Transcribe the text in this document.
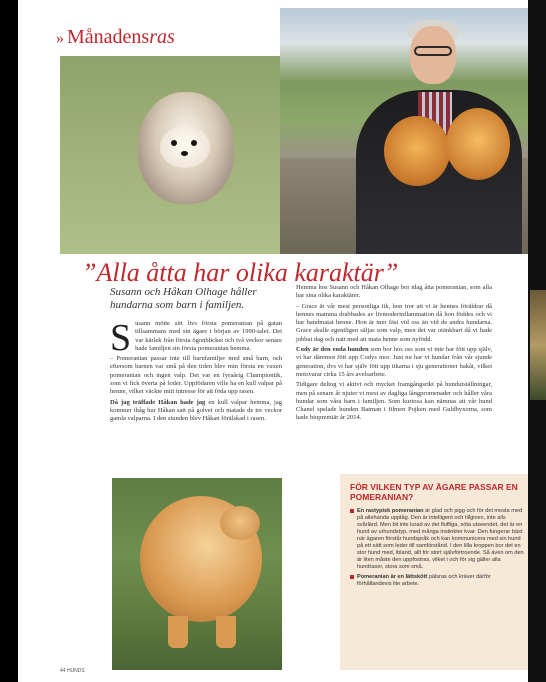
» Månadensras
”Alla åtta har olika karaktär”
Susann och Håkan Olhage håller hundarna som barn i familjen.

Susann mötte sitt livs första pomeranian på gatan tillsammans med sin ägare i början av 1990-talet. Det var kärlek från första ögonblicket och två veckor senare hade familjen sin första pomeranian hemma.

– Pomeranian passar inte till barnfamiljer med små barn, och eftersom barnen var små på den tiden blev min första en vuxen pomeranian och ingen valp. Det var en fyraårig Championtik, som vi fick överta på foder. Uppfödaren ville ha en kull valpar på henne, vilket väckte mitt intresse för att föda upp rasen.

Då jag träffade Håkan hade jag en kull valpar hemma, jag kommer ihåg hur Håkan satt på golvet och matade de tre veckor gamla valparna. I den stunden blev Håkan förälskad i rasen.

Hemma hos Susann och Håkan Olhage bor idag åtta pomeranian, som alla har sina olika karaktärer.

– Grace är vår mest personliga tik, hon tror att vi är hennes föräldrar då hennes mamma drabbades av livmoderinflammation då hon föddes och vi har handmatat henne. Hon är mer fäst vid oss än vid de andra hundarna. Grace skulle egentligen säljas som valp, men det var otänkbart då vi hade jobbat dag och natt med att mata henne som nyfödd.

Cody är den enda hunden som bor hos oss som vi inte har fött upp själv, vi har däremot fött upp Codys mor. Just nu har vi hundar från vår sjunde generation, dvs vi har själv fött upp tikarna i sju generationer bakåt, vilket motsvarar cirka 15 års avelsarbete.

Tidigare deltog vi aktivt och mycket framgångsrikt på hundutställningar, men på senare år njuter vi mest av dagliga långpromenader och håller våra hundar som våra barn i familjen. Som kuriosa kan nämnas att vår hund Chanel spelade hunden Batman i filmen Pojken med Guldbyxorna, som hade biopremiär år 2014.

FÖR VILKEN TYP AV ÄGARE PASSAR EN POMERANIAN?
En rastypisk pomeranian är glad och pigg och för det mesta med på allehanda upptåg. Den är intelligent och tillgiven, inte alls svårlärd. Men bli inte lurad av det fluffiga, söta utseendet, det är en hund av urhundstyp, med många instinkter kvar. Den fungerar bäst när ägaren förstår hundspråk och kan kommunicera med sin hund på ett sätt som leder till samförstånd. I den lilla kroppen bor det en stor hund med, ibland, allt för stort självförtroende. Så även om den är liten måste den uppfostras, vilket i och för sig gäller alla hundraser, stora som små.
Pomeranian är en lättskött pälsras och kräver därför förhållandevis lite arbete.
44 HUNDS
